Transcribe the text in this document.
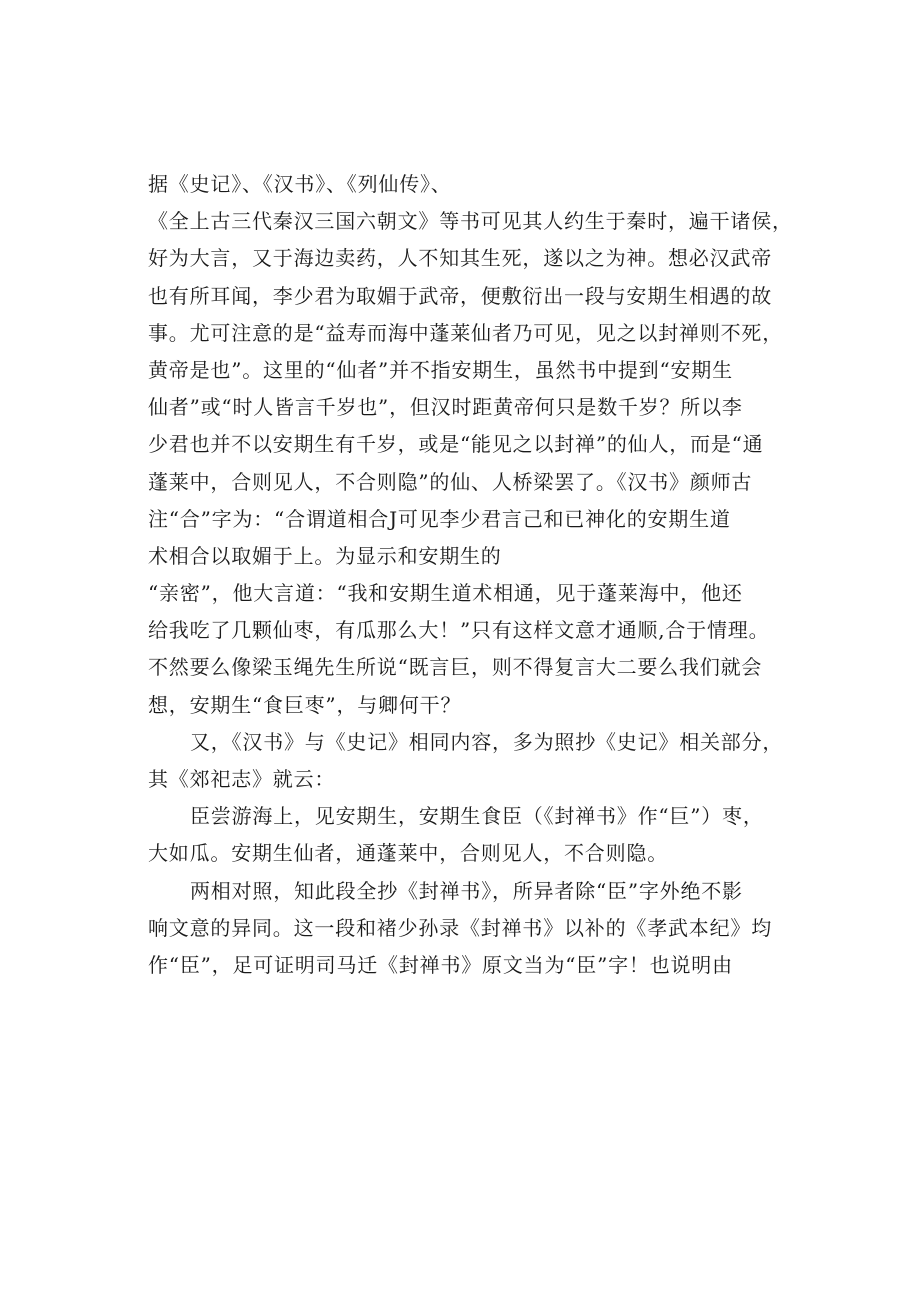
据《史记》、《汉书》、《列仙传》、
《全上古三代秦汉三国六朝文》等书可见其人约生于秦时，遍干诸侯，
好为大言，又于海边卖药，人不知其生死，遂以之为神。想必汉武帝
也有所耳闻，李少君为取媚于武帝，便敷衍出一段与安期生相遇的故
事。尤可注意的是“益寿而海中蓬莱仙者乃可见，见之以封禅则不死，
黄帝是也”。这里的“仙者”并不指安期生，虽然书中提到“安期生
仙者”或“时人皆言千岁也”，但汉时距黄帝何只是数千岁？所以李
少君也并不以安期生有千岁，或是“能见之以封禅”的仙人，而是“通
蓬莱中，合则见人，不合则隐”的仙、人桥梁罢了。《汉书》颜师古
注“合”字为：“合谓道相合J可见李少君言己和已神化的安期生道
术相合以取媚于上。为显示和安期生的
“亲密”，他大言道：“我和安期生道术相通，见于蓬莱海中，他还
给我吃了几颗仙枣，有瓜那么大！”只有这样文意才通顺,合于情理。
不然要么像梁玉绳先生所说“既言巨，则不得复言大二要么我们就会
想，安期生“食巨枣”，与卿何干？
又，《汉书》与《史记》相同内容，多为照抄《史记》相关部分，
其《郊祀志》就云：
臣尝游海上，见安期生，安期生食臣（《封禅书》作“巨”）枣，
大如瓜。安期生仙者，通蓬莱中，合则见人，不合则隐。
两相对照，知此段全抄《封禅书》，所异者除“臣”字外绝不影
响文意的异同。这一段和褚少孙录《封禅书》以补的《孝武本纪》均
作“臣”，足可证明司马迁《封禅书》原文当为“臣”字！也说明由
